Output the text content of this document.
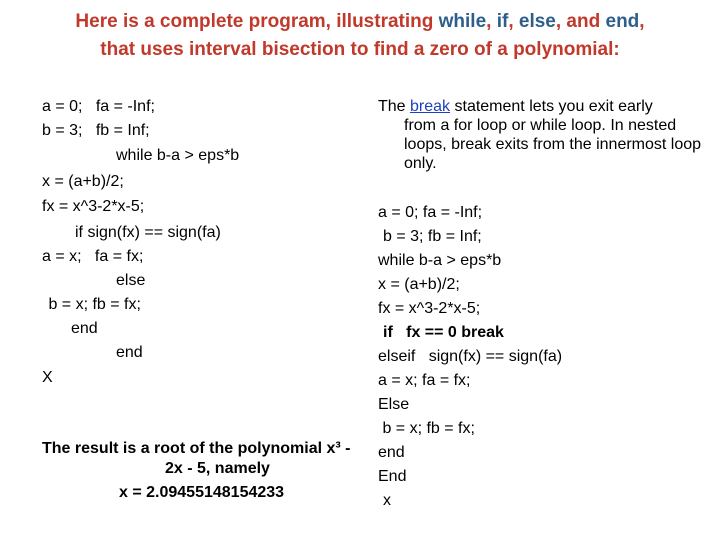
Here is a complete program, illustrating while, if, else, and end,
that uses interval bisection to find a zero of a polynomial:
a = 0;   fa = -Inf;
b = 3;   fb = Inf;
while b-a > eps*b
x = (a+b)/2;
fx = x^3-2*x-5;
if sign(fx) == sign(fa)
a = x;   fa = fx;
else
b = x; fb = fx;
end
end
X
The break statement lets you exit early
from a for loop or while loop. In nested loops, break exits from the innermost loop only.
a = 0; fa = -Inf;
b = 3; fb = Inf;
while b-a > eps*b
x = (a+b)/2;
fx = x^3-2*x-5;
if   fx == 0 break
elseif   sign(fx) == sign(fa)
a = x; fa = fx;
Else
b = x; fb = fx;
end
End
x
The result is a root of the polynomial x³ -
2x - 5, namely
x = 2.09455148154233
